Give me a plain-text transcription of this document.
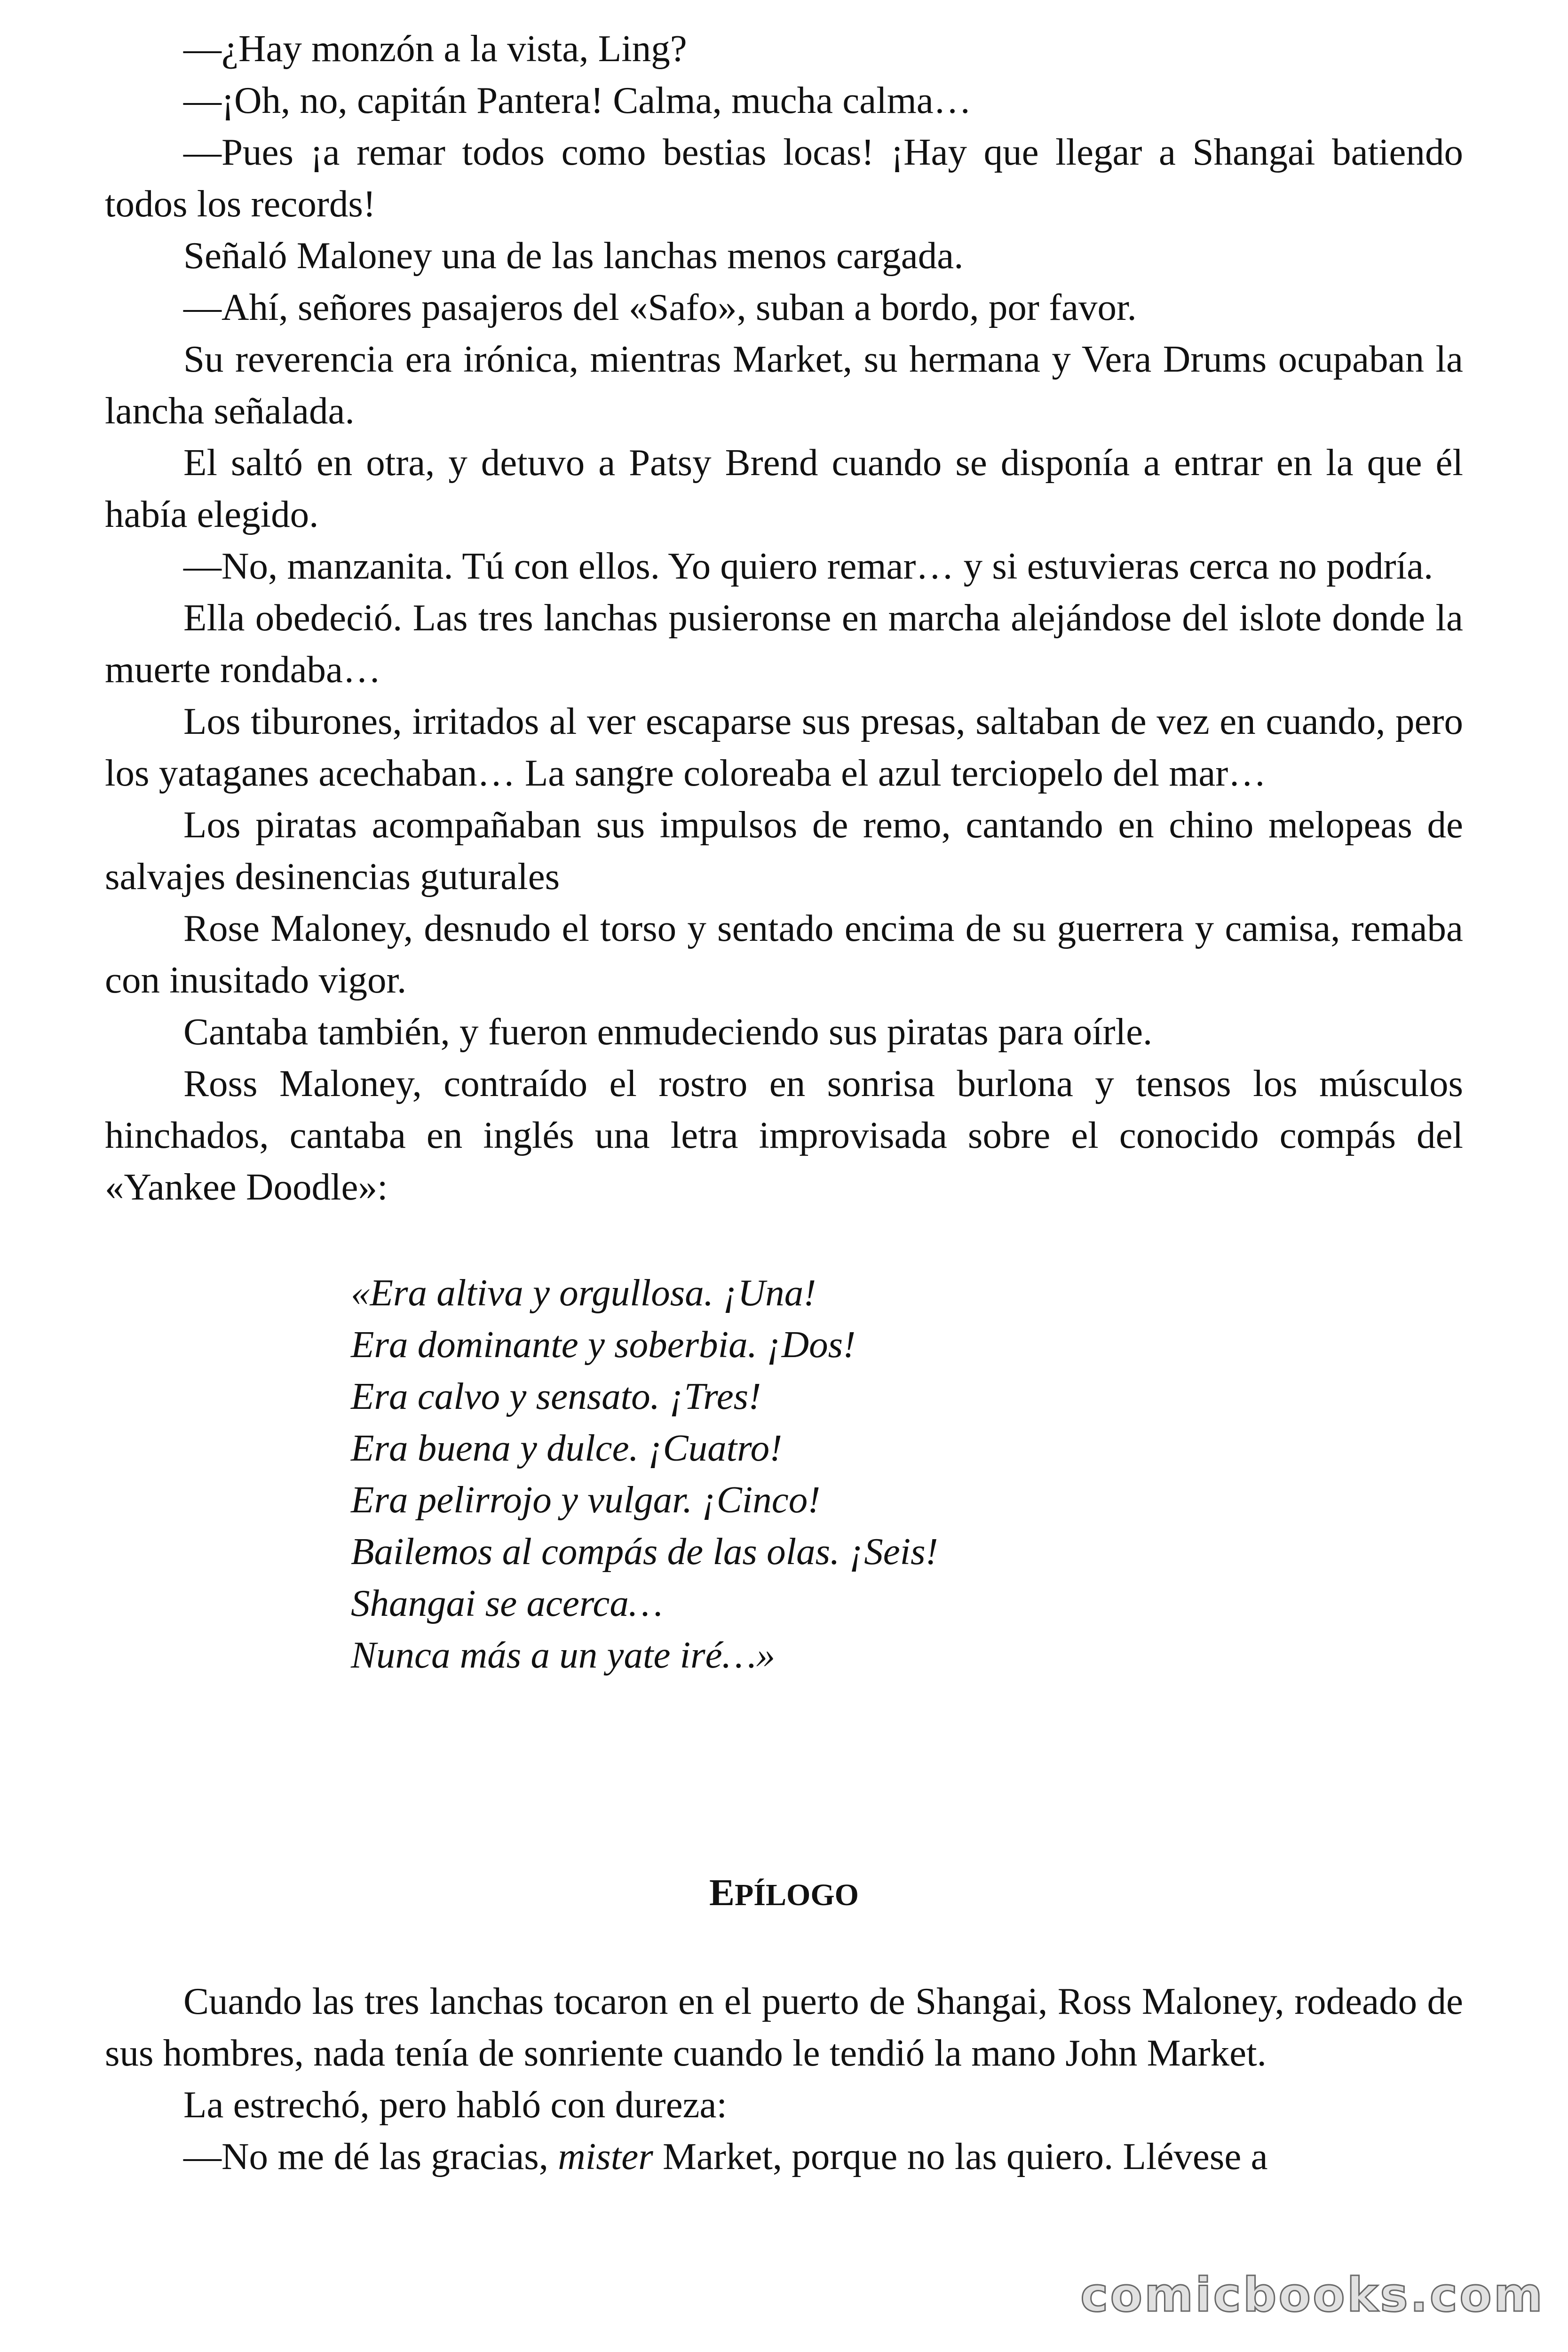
—¿Hay monzón a la vista, Ling?

—¡Oh, no, capitán Pantera! Calma, mucha calma…

—Pues ¡a remar todos como bestias locas! ¡Hay que llegar a Shangai batiendo todos los records!

Señaló Maloney una de las lanchas menos cargada.

—Ahí, señores pasajeros del «Safo», suban a bordo, por favor.

Su reverencia era irónica, mientras Market, su hermana y Vera Drums ocupaban la lancha señalada.

El saltó en otra, y detuvo a Patsy Brend cuando se disponía a entrar en la que él había elegido.

—No, manzanita. Tú con ellos. Yo quiero remar… y si estuvieras cerca no podría.

Ella obedeció. Las tres lanchas pusieronse en marcha alejándose del islote donde la muerte rondaba…

Los tiburones, irritados al ver escaparse sus presas, saltaban de vez en cuando, pero los yataganes acechaban… La sangre coloreaba el azul terciopelo del mar…

Los piratas acompañaban sus impulsos de remo, cantando en chino melopeas de salvajes desinencias guturales

Rose Maloney, desnudo el torso y sentado encima de su guerrera y camisa, remaba con inusitado vigor.

Cantaba también, y fueron enmudeciendo sus piratas para oírle.

Ross Maloney, contraído el rostro en sonrisa burlona y tensos los músculos hinchados, cantaba en inglés una letra improvisada sobre el conocido compás del «Yankee Doodle»:

«Era altiva y orgullosa. ¡Una!
Era dominante y soberbia. ¡Dos!
Era calvo y sensato. ¡Tres!
Era buena y dulce. ¡Cuatro!
Era pelirrojo y vulgar. ¡Cinco!
Bailemos al compás de las olas. ¡Seis!
Shangai se acerca…
Nunca más a un yate iré…»
EPÍLOGO

Cuando las tres lanchas tocaron en el puerto de Shangai, Ross Maloney, rodeado de sus hombres, nada tenía de sonriente cuando le tendió la mano John Market.

La estrechó, pero habló con dureza:

—No me dé las gracias, mister Market, porque no las quiero. Llévese a

comicbooks.com
